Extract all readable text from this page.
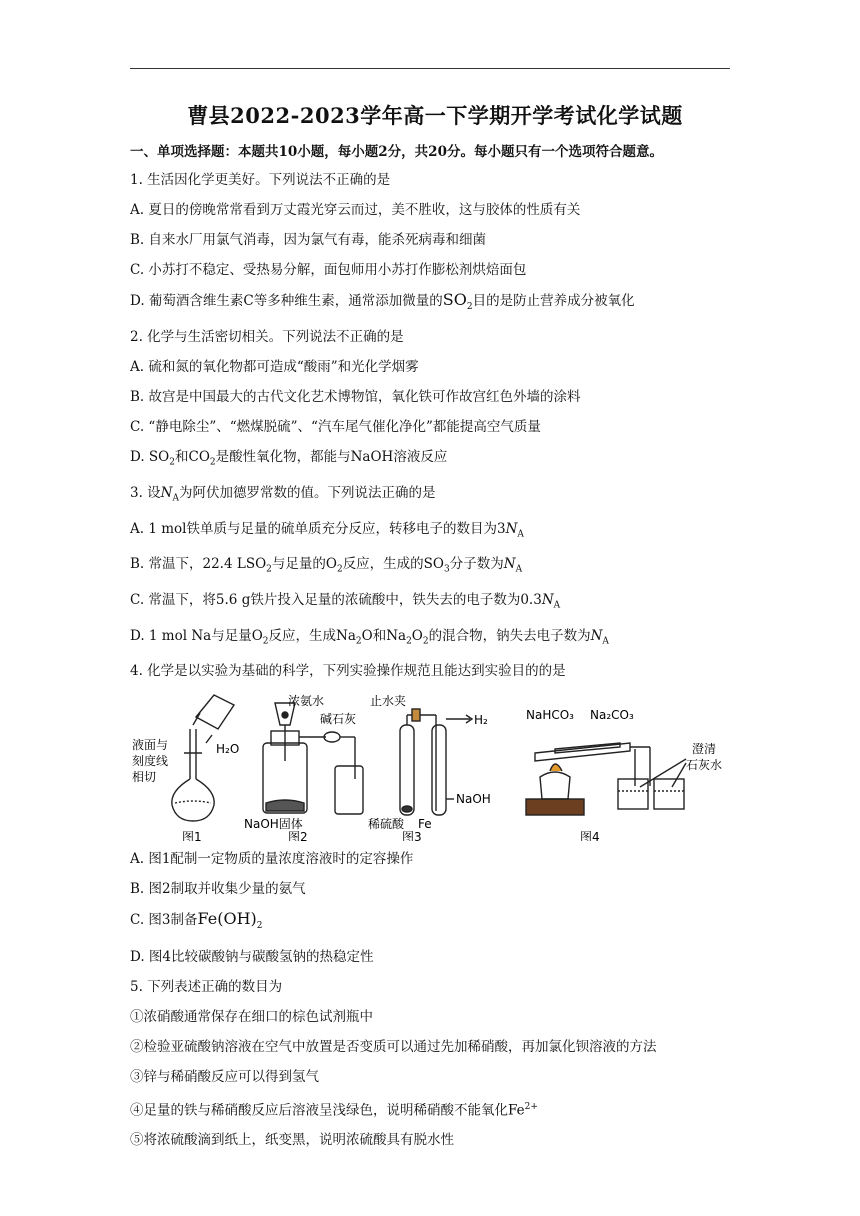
曹县2022-2023学年高一下学期开学考试化学试题
一、单项选择题：本题共10小题，每小题2分，共20分。每小题只有一个选项符合题意。
1. 生活因化学更美好。下列说法不正确的是
A. 夏日的傍晚常常看到万丈霞光穿云而过，美不胜收，这与胶体的性质有关
B. 自来水厂用氯气消毒，因为氯气有毒，能杀死病毒和细菌
C. 小苏打不稳定、受热易分解，面包师用小苏打作膨松剂烘焙面包
D. 葡萄酒含维生素C等多种维生素，通常添加微量的$SO_2$目的是防止营养成分被氧化
2. 化学与生活密切相关。下列说法不正确的是
A. 硫和氮的氧化物都可造成“酸雨”和光化学烟雾
B. 故宫是中国最大的古代文化艺术博物馆，氧化铁可作故宫红色外墙的涂料
C. “静电除尘”、“燃煤脱硫”、“汽车尾气催化净化”都能提高空气质量
D. $SO_2$和$CO_2$是酸性氧化物，都能与NaOH溶液反应
3. 设$N_A$为阿伏加德罗常数的值。下列说法正确的是
A. 1 mol铁单质与足量的硫单质充分反应，转移电子的数目为$3N_A$
B. 常温下，22.4 $LSO_2$与足量的$O_2$反应，生成的$SO_3$分子数为$N_A$
C. 常温下，将5.6 g铁片投入足量的浓硫酸中，铁失去的电子数为$0.3N_A$
D. 1 mol Na与足量$O_2$反应，生成$Na_2O$和$Na_2O_2$的混合物，钠失去电子数为$N_A$
4. 化学是以实验为基础的科学，下列实验操作规范且能达到实验目的的是
液面与
刻度线
相切
H₂O
图1
浓氨水
碱石灰
NaOH固体
图2
止水夹
H₂
NaOH
稀硫酸 Fe
图3
NaHCO₃ Na₂CO₃
澄清
石灰水
图4
A. 图1配制一定物质的量浓度溶液时的定容操作
B. 图2制取并收集少量的氨气
C. 图3制备$Fe(OH)_2$
D. 图4比较碳酸钠与碳酸氢钠的热稳定性
5. 下列表述正确的数目为
①浓硝酸通常保存在细口的棕色试剂瓶中
②检验亚硫酸钠溶液在空气中放置是否变质可以通过先加稀硝酸，再加氯化钡溶液的方法
③锌与稀硝酸反应可以得到氢气
④足量的铁与稀硝酸反应后溶液呈浅绿色，说明稀硝酸不能氧化$Fe^{2+}$
⑤将浓硫酸滴到纸上，纸变黑，说明浓硫酸具有脱水性
